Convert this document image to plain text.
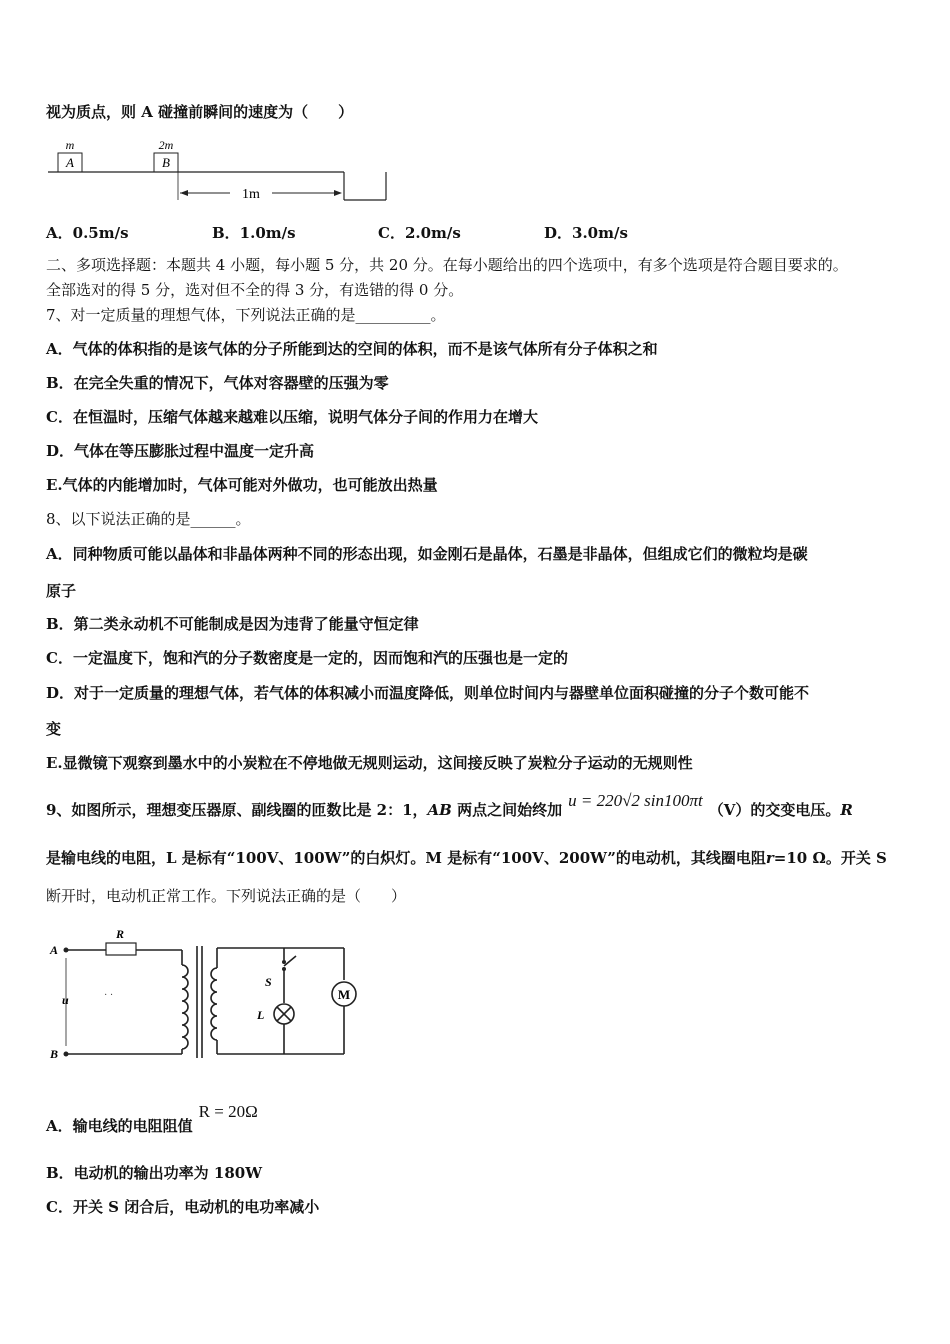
视为质点，则 A 碰撞前瞬间的速度为（　　）
A
m
B
2m
1m
A．0.5m/s	B．1.0m/s	C．2.0m/s	D．3.0m/s
二、多项选择题：本题共 4 小题，每小题 5 分，共 20 分。在每小题给出的四个选项中，有多个选项是符合题目要求的。
全部选对的得 5 分，选对但不全的得 3 分，有选错的得 0 分。
7、对一定质量的理想气体，下列说法正确的是__________。
A．气体的体积指的是该气体的分子所能到达的空间的体积，而不是该气体所有分子体积之和
B．在完全失重的情况下，气体对容器壁的压强为零
C．在恒温时，压缩气体越来越难以压缩，说明气体分子间的作用力在增大
D．气体在等压膨胀过程中温度一定升高
E.气体的内能增加时，气体可能对外做功，也可能放出热量
8、以下说法正确的是______。
A．同种物质可能以晶体和非晶体两种不同的形态出现，如金刚石是晶体，石墨是非晶体，但组成它们的微粒均是碳
原子
B．第二类永动机不可能制成是因为违背了能量守恒定律
C．一定温度下，饱和汽的分子数密度是一定的，因而饱和汽的压强也是一定的
D．对于一定质量的理想气体，若气体的体积减小而温度降低，则单位时间内与器壁单位面积碰撞的分子个数可能不
变
E.显微镜下观察到墨水中的小炭粒在不停地做无规则运动，这间接反映了炭粒分子运动的无规则性
9、如图所示，理想变压器原、副线圈的匝数比是 2：1，AB 两点之间始终加 u = 220√2 sin100πt （V）的交变电压。R
是输电线的电阻，L 是标有“100V、100W”的白炽灯。M 是标有“100V、200W”的电动机，其线圈电阻r=10 Ω。开关 S
断开时，电动机正常工作。下列说法正确的是（　　）
· ·
A
B
u
R
S
L
M
A．输电线的电阻阻值R = 20Ω
B．电动机的输出功率为 180W
C．开关 S 闭合后，电动机的电功率减小
